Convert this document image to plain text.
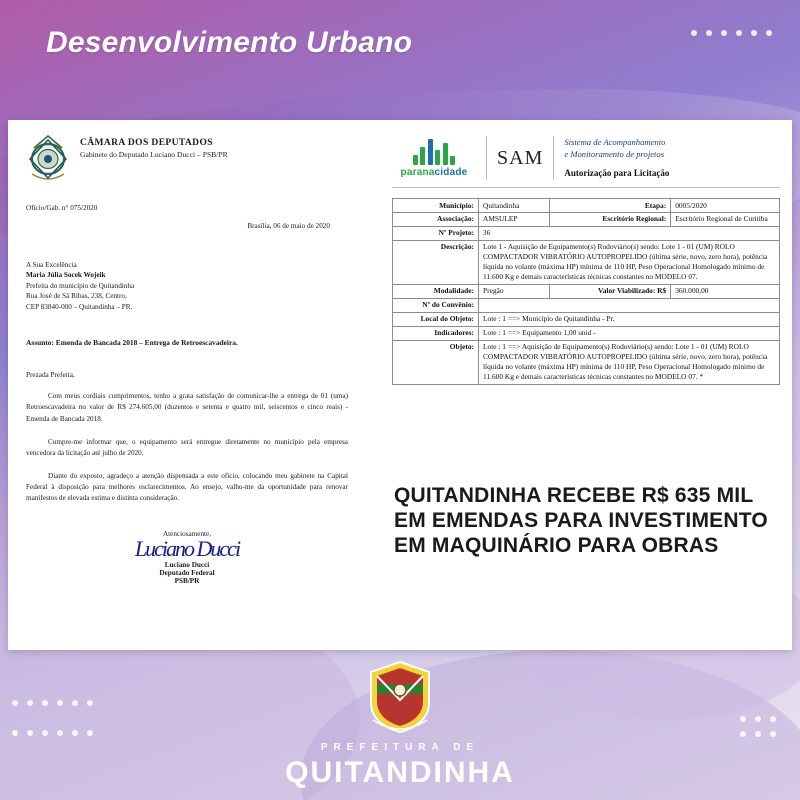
Desenvolvimento Urbano
CÂMARA DOS DEPUTADOS
Gabinete do Deputado Luciano Ducci – PSB/PR
Ofício/Gab. n° 075/2020
Brasília, 06 de maio de 2020
A Sua Excelência
Maria Júlia Socek Wojeik
Prefeita do município de Quitandinha
Rua José de Sá Ribas, 238, Centro,
CEP 83840-000 – Quitandinha – PR.
Assunto: Emenda de Bancada 2018 – Entrega de Retroescavadeira.
Prezada Prefeita,
Com meus cordiais cumprimentos, tenho a grata satisfação de comunicar-lhe a entrega de 01 (uma) Retroescavadeira no valor de R$ 274.605,00 (duzentos e setenta e quatro mil, seiscentos e cinco reais) - Emenda de Bancada 2018.
Cumpre-me informar que, o equipamento será entregue diretamente no município pela empresa vencedora da licitação até julho de 2020.
Diante do exposto, agradeço a atenção dispensada a este ofício, colocando meu gabinete na Capital Federal à disposição para melhores esclarecimentos. Ao ensejo, valho-me da oportunidade para renovar manifestos de elevada estima e distinta consideração.
Atenciosamente,
Luciano Ducci
Luciano Ducci
Deputado Federal
PSB/PR
paranacidade
SAM
Sistema de Acompanhamento
e Monitoramento de projetos
Autorização para Licitação
Município:	Quitandinha	Etapa:	0005/2020
Associação:	AMSULEP	Escritório Regional:	Escritório Regional de Curitiba
Nº Projeto:	36		
Descrição:	Lote 1 - Aquisição de Equipamento(s) Rodoviário(s) sendo: Lote 1 - 01 (UM) ROLO COMPACTADOR VIBRATÓRIO AUTOPROPELIDO (última série, novo, zero hora), potência líquida no volante (máxima HP) mínima de 110 HP, Peso Operacional Homologado mínimo de 11.600 Kg e demais características técnicas constantes no MODELO 07.		
Modalidade:	Pregão	Valor Viabilizado: R$	360.000,00
Nº do Convênio:			
Local do Objeto:	Lote : 1 ==> Município de Quitandinha - Pr.		
Indicadores:	Lote : 1 ==> Equipamento 1,00 unid -		
Objeto:	Lote : 1 ==> Aquisição de Equipamento(s) Rodoviário(s) sendo: Lote 1 - 01 (UM) ROLO COMPACTADOR VIBRATÓRIO AUTOPROPELIDO (última série, novo, zero hora), potência líquida no volante (máxima HP) mínima de 110 HP, Peso Operacional Homologado mínimo de 11.600 Kg e demais características técnicas constantes no MODELO 07. *		
QUITANDINHA RECEBE R$ 635 MIL EM EMENDAS PARA INVESTIMENTO EM MAQUINÁRIO PARA OBRAS
PREFEITURA DE
QUITANDINHA
